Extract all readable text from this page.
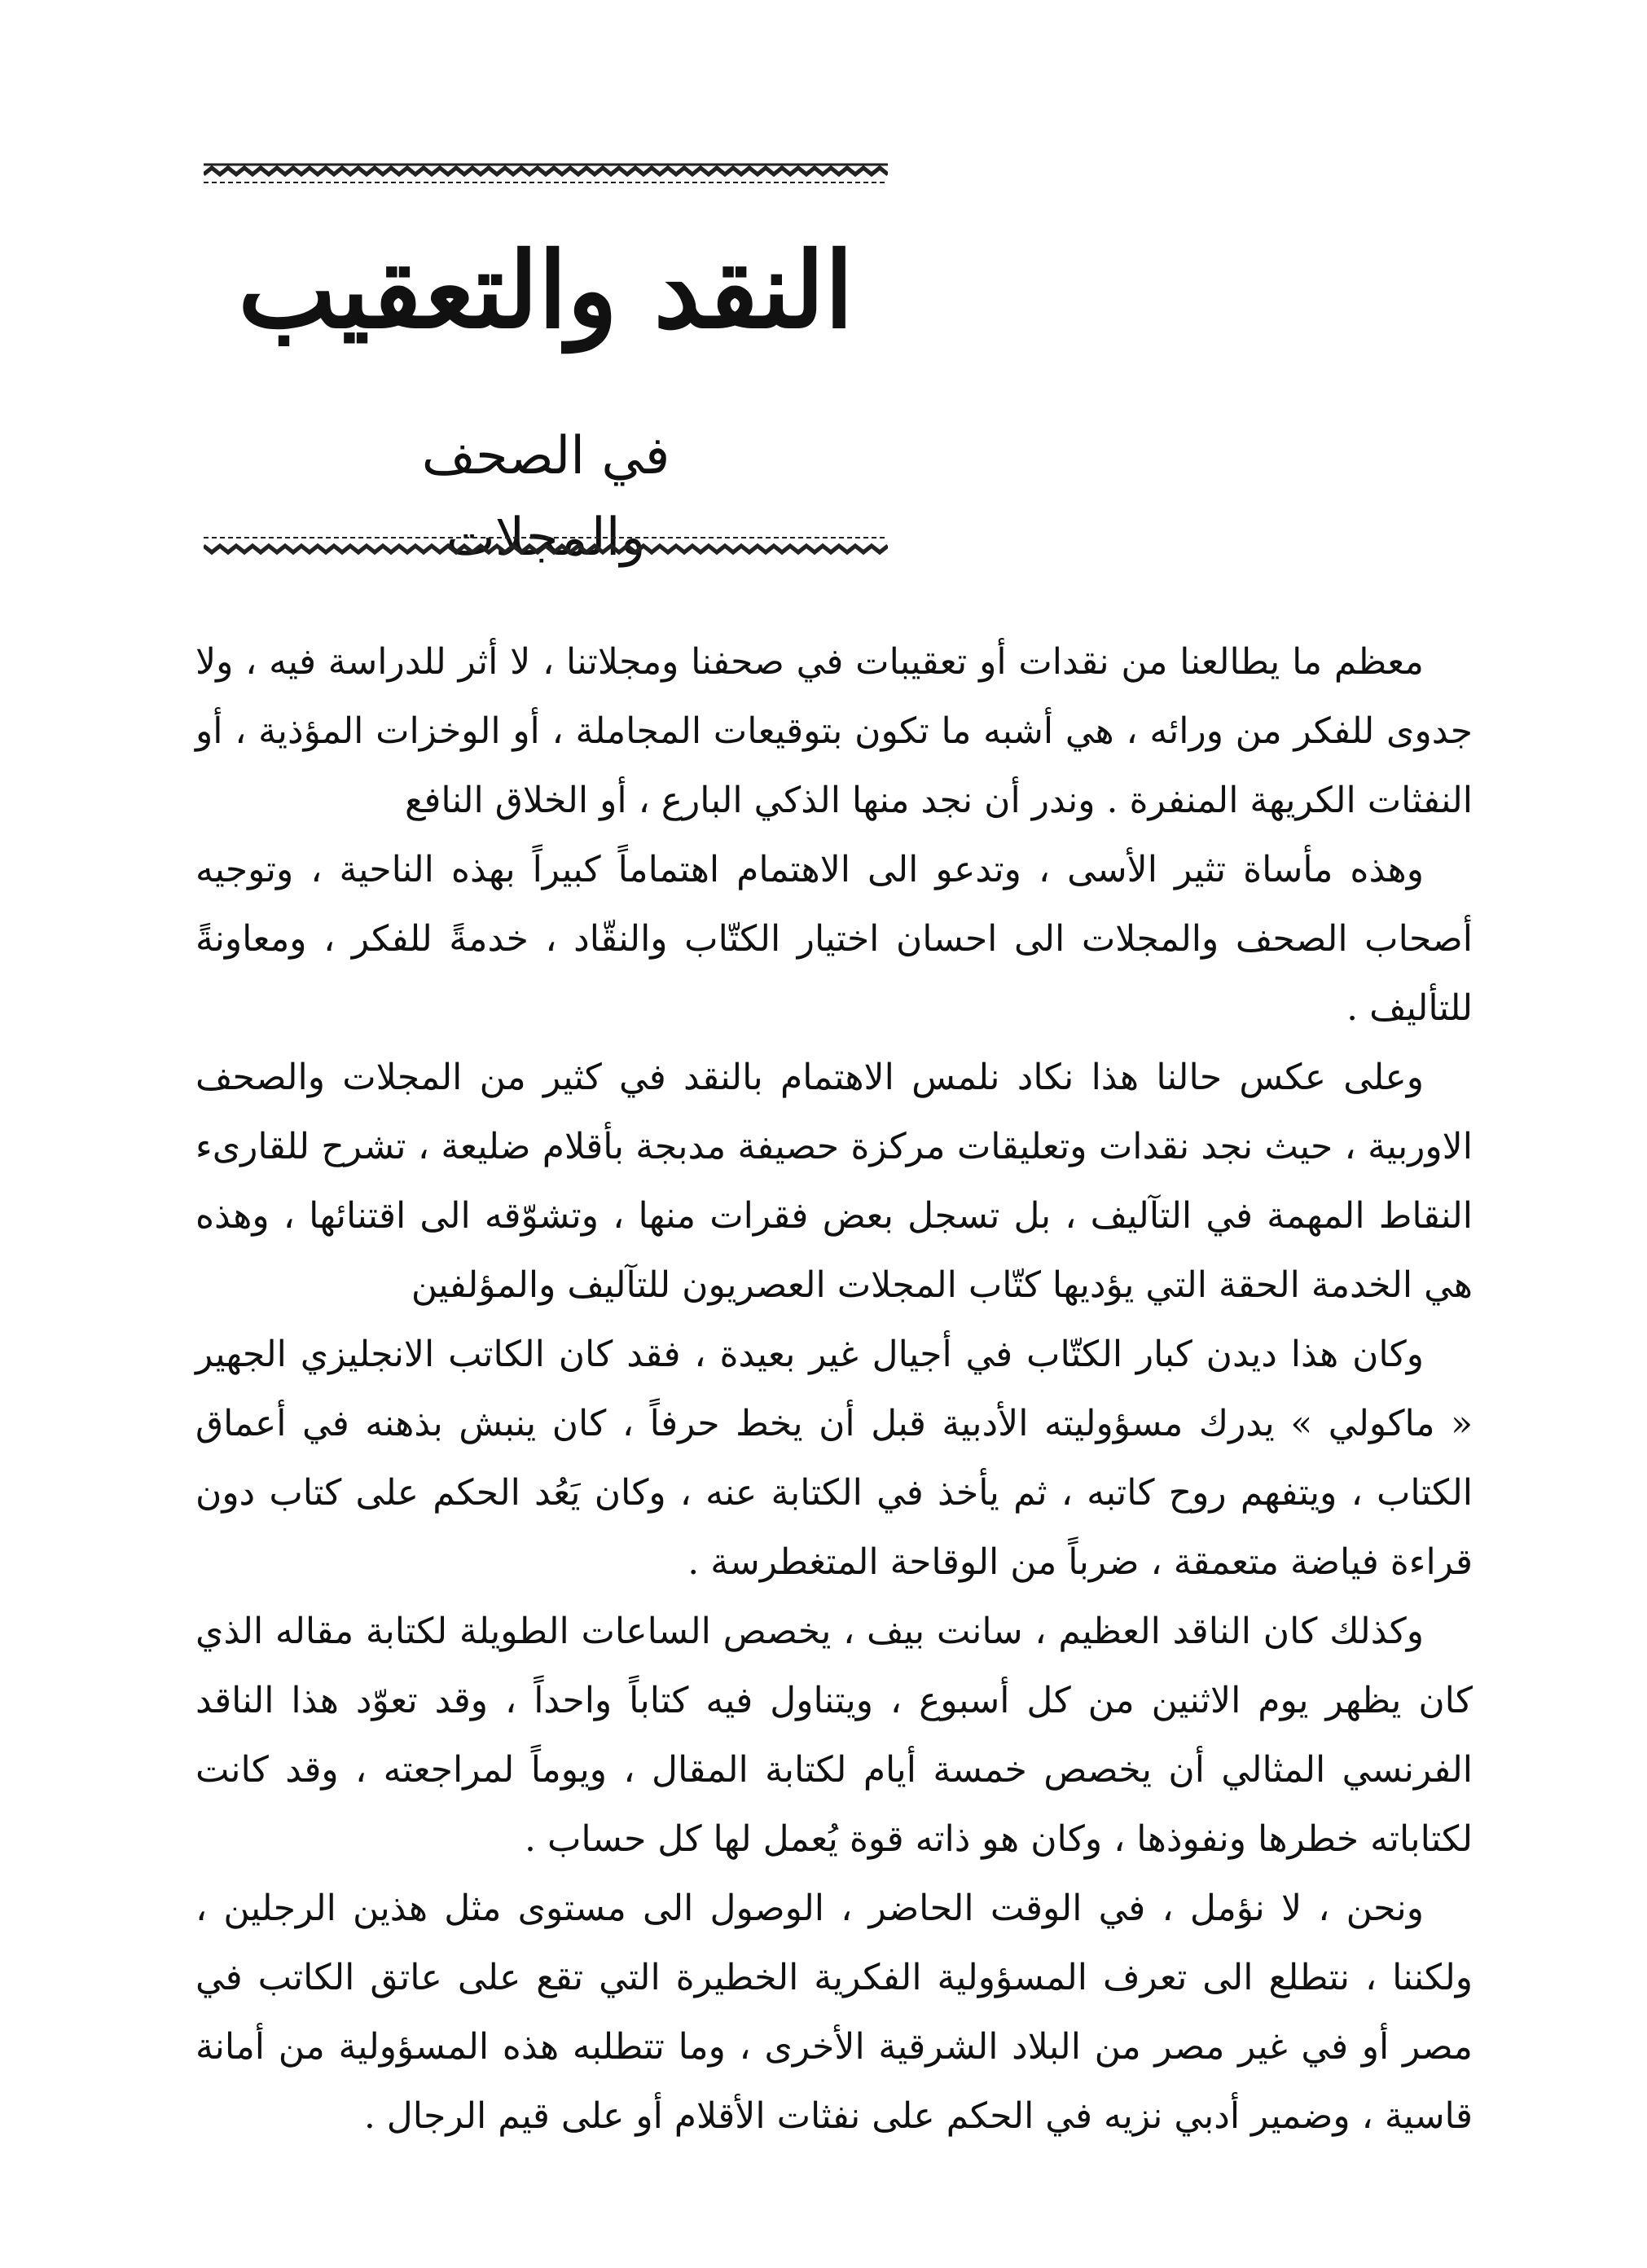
النقد والتعقيب
في الصحف والمجلات

معظم ما يطالعنا من نقدات أو تعقيبات في صحفنا ومجلاتنا ، لا أثر للدراسة فيه ، ولا جدوى للفكر من ورائه ، هي أشبه ما تكون بتوقيعات المجاملة ، أو الوخزات المؤذية ، أو النفثات الكريهة المنفرة . وندر أن نجد منها الذكي البارع ، أو الخلاق النافع

وهذه مأساة تثير الأسى ، وتدعو الى الاهتمام اهتماماً كبيراً بهذه الناحية ، وتوجيه أصحاب الصحف والمجلات الى احسان اختيار الكتّاب والنقّاد ، خدمةً للفكر ، ومعاونةً للتأليف .

وعلى عكس حالنا هذا نكاد نلمس الاهتمام بالنقد في كثير من المجلات والصحف الاوربية ، حيث نجد نقدات وتعليقات مركزة حصيفة مدبجة بأقلام ضليعة ، تشرح للقارىء النقاط المهمة في التآليف ، بل تسجل بعض فقرات منها ، وتشوّقه الى اقتنائها ، وهذه هي الخدمة الحقة التي يؤديها كتّاب المجلات العصريون للتآليف والمؤلفين

وكان هذا ديدن كبار الكتّاب في أجيال غير بعيدة ، فقد كان الكاتب الانجليزي الجهير « ماكولي » يدرك مسؤوليته الأدبية قبل أن يخط حرفاً ، كان ينبش بذهنه في أعماق الكتاب ، ويتفهم روح كاتبه ، ثم يأخذ في الكتابة عنه ، وكان يَعُد الحكم على كتاب دون قراءة فياضة متعمقة ، ضرباً من الوقاحة المتغطرسة .

وكذلك كان الناقد العظيم ، سانت بيف ، يخصص الساعات الطويلة لكتابة مقاله الذي كان يظهر يوم الاثنين من كل أسبوع ، ويتناول فيه كتاباً واحداً ، وقد تعوّد هذا الناقد الفرنسي المثالي أن يخصص خمسة أيام لكتابة المقال ، ويوماً لمراجعته ، وقد كانت لكتاباته خطرها ونفوذها ، وكان هو ذاته قوة يُعمل لها كل حساب .

ونحن ، لا نؤمل ، في الوقت الحاضر ، الوصول الى مستوى مثل هذين الرجلين ، ولكننا ، نتطلع الى تعرف المسؤولية الفكرية الخطيرة التي تقع على عاتق الكاتب في مصر أو في غير مصر من البلاد الشرقية الأخرى ، وما تتطلبه هذه المسؤولية من أمانة قاسية ، وضمير أدبي نزيه في الحكم على نفثات الأقلام أو على قيم الرجال .
